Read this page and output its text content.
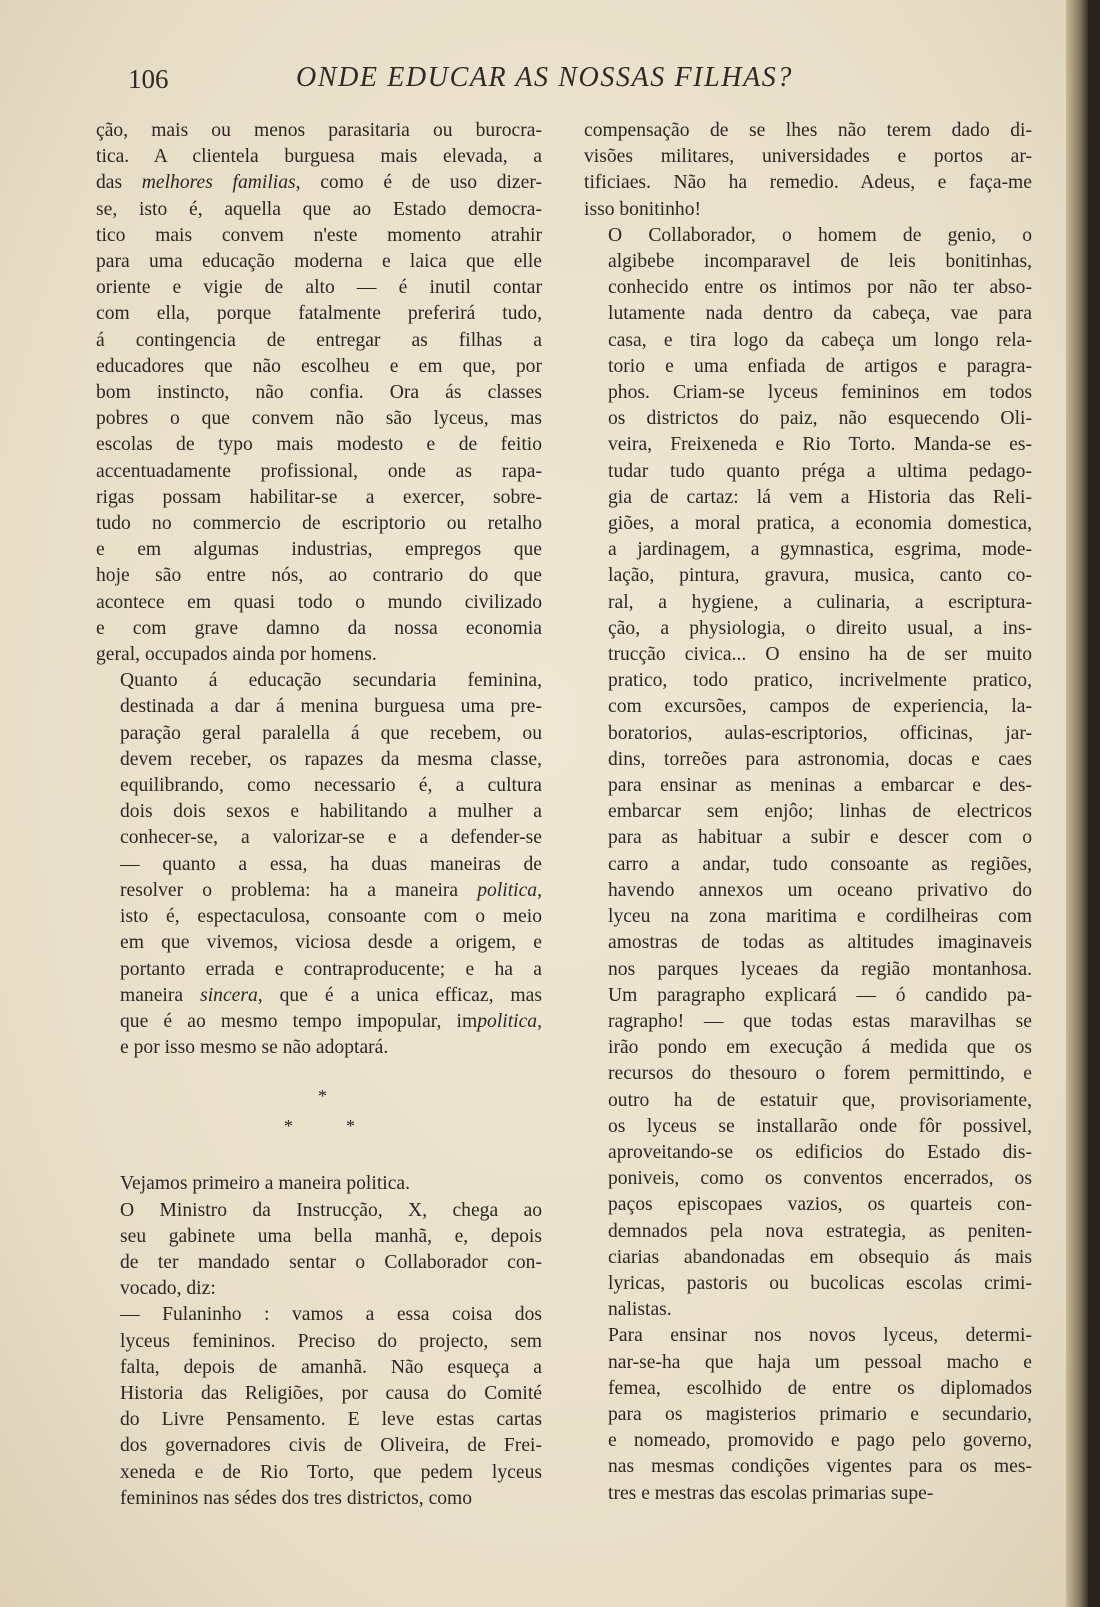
106	ONDE EDUCAR AS NOSSAS FILHAS?

ção, mais ou menos parasitaria ou burocra-
tica. A clientela burguesa mais elevada, a
das melhores familias, como é de uso dizer-
se, isto é, aquella que ao Estado democra-
tico mais convem n'este momento atrahir
para uma educação moderna e laica que elle
oriente e vigie de alto — é inutil contar
com ella, porque fatalmente preferirá tudo,
á contingencia de entregar as filhas a
educadores que não escolheu e em que, por
bom instincto, não confia. Ora ás classes
pobres o que convem não são lyceus, mas
escolas de typo mais modesto e de feitio
accentuadamente profissional, onde as rapa-
rigas possam habilitar-se a exercer, sobre-
tudo no commercio de escriptorio ou retalho
e em algumas industrias, empregos que
hoje são entre nós, ao contrario do que
acontece em quasi todo o mundo civilizado
e com grave damno da nossa economia
geral, occupados ainda por homens.

Quanto á educação secundaria feminina,
destinada a dar á menina burguesa uma pre-
paração geral paralella á que recebem, ou
devem receber, os rapazes da mesma classe,
equilibrando, como necessario é, a cultura
dois dois sexos e habilitando a mulher a
conhecer-se, a valorizar-se e a defender-se
— quanto a essa, ha duas maneiras de
resolver o problema: ha a maneira politica,
isto é, espectaculosa, consoante com o meio
em que vivemos, viciosa desde a origem, e
portanto errada e contraproducente; e ha a
maneira sincera, que é a unica efficaz, mas
que é ao mesmo tempo impopular, impolitica,
e por isso mesmo se não adoptará.

*
*	*

Vejamos primeiro a maneira politica.

O Ministro da Instrucção, X, chega ao
seu gabinete uma bella manhã, e, depois
de ter mandado sentar o Collaborador con-
vocado, diz:

— Fulaninho : vamos a essa coisa dos
lyceus femininos. Preciso do projecto, sem
falta, depois de amanhã. Não esqueça a
Historia das Religiões, por causa do Comité
do Livre Pensamento. E leve estas cartas
dos governadores civis de Oliveira, de Frei-
xeneda e de Rio Torto, que pedem lyceus
femininos nas sédes dos tres districtos, como

compensação de se lhes não terem dado di-
visões militares, universidades e portos ar-
tificiaes. Não ha remedio. Adeus, e faça-me
isso bonitinho!

O Collaborador, o homem de genio, o
algibebe incomparavel de leis bonitinhas,
conhecido entre os intimos por não ter abso-
lutamente nada dentro da cabeça, vae para
casa, e tira logo da cabeça um longo rela-
torio e uma enfiada de artigos e paragra-
phos. Criam-se lyceus femininos em todos
os districtos do paiz, não esquecendo Oli-
veira, Freixeneda e Rio Torto. Manda-se es-
tudar tudo quanto préga a ultima pedago-
gia de cartaz: lá vem a Historia das Reli-
giões, a moral pratica, a economia domestica,
a jardinagem, a gymnastica, esgrima, mode-
lação, pintura, gravura, musica, canto co-
ral, a hygiene, a culinaria, a escriptura-
ção, a physiologia, o direito usual, a ins-
trucção civica... O ensino ha de ser muito
pratico, todo pratico, incrivelmente pratico,
com excursões, campos de experiencia, la-
boratorios, aulas-escriptorios, officinas, jar-
dins, torreões para astronomia, docas e caes
para ensinar as meninas a embarcar e des-
embarcar sem enjôo; linhas de electricos
para as habituar a subir e descer com o
carro a andar, tudo consoante as regiões,
havendo annexos um oceano privativo do
lyceu na zona maritima e cordilheiras com
amostras de todas as altitudes imaginaveis
nos parques lyceaes da região montanhosa.
Um paragrapho explicará — ó candido pa-
ragrapho! — que todas estas maravilhas se
irão pondo em execução á medida que os
recursos do thesouro o forem permittindo, e
outro ha de estatuir que, provisoriamente,
os lyceus se installarão onde fôr possivel,
aproveitando-se os edificios do Estado dis-
poniveis, como os conventos encerrados, os
paços episcopaes vazios, os quarteis con-
demnados pela nova estrategia, as peniten-
ciarias abandonadas em obsequio ás mais
lyricas, pastoris ou bucolicas escolas crimi-
nalistas.

Para ensinar nos novos lyceus, determi-
nar-se-ha que haja um pessoal macho e
femea, escolhido de entre os diplomados
para os magisterios primario e secundario,
e nomeado, promovido e pago pelo governo,
nas mesmas condições vigentes para os mes-
tres e mestras das escolas primarias supe-
